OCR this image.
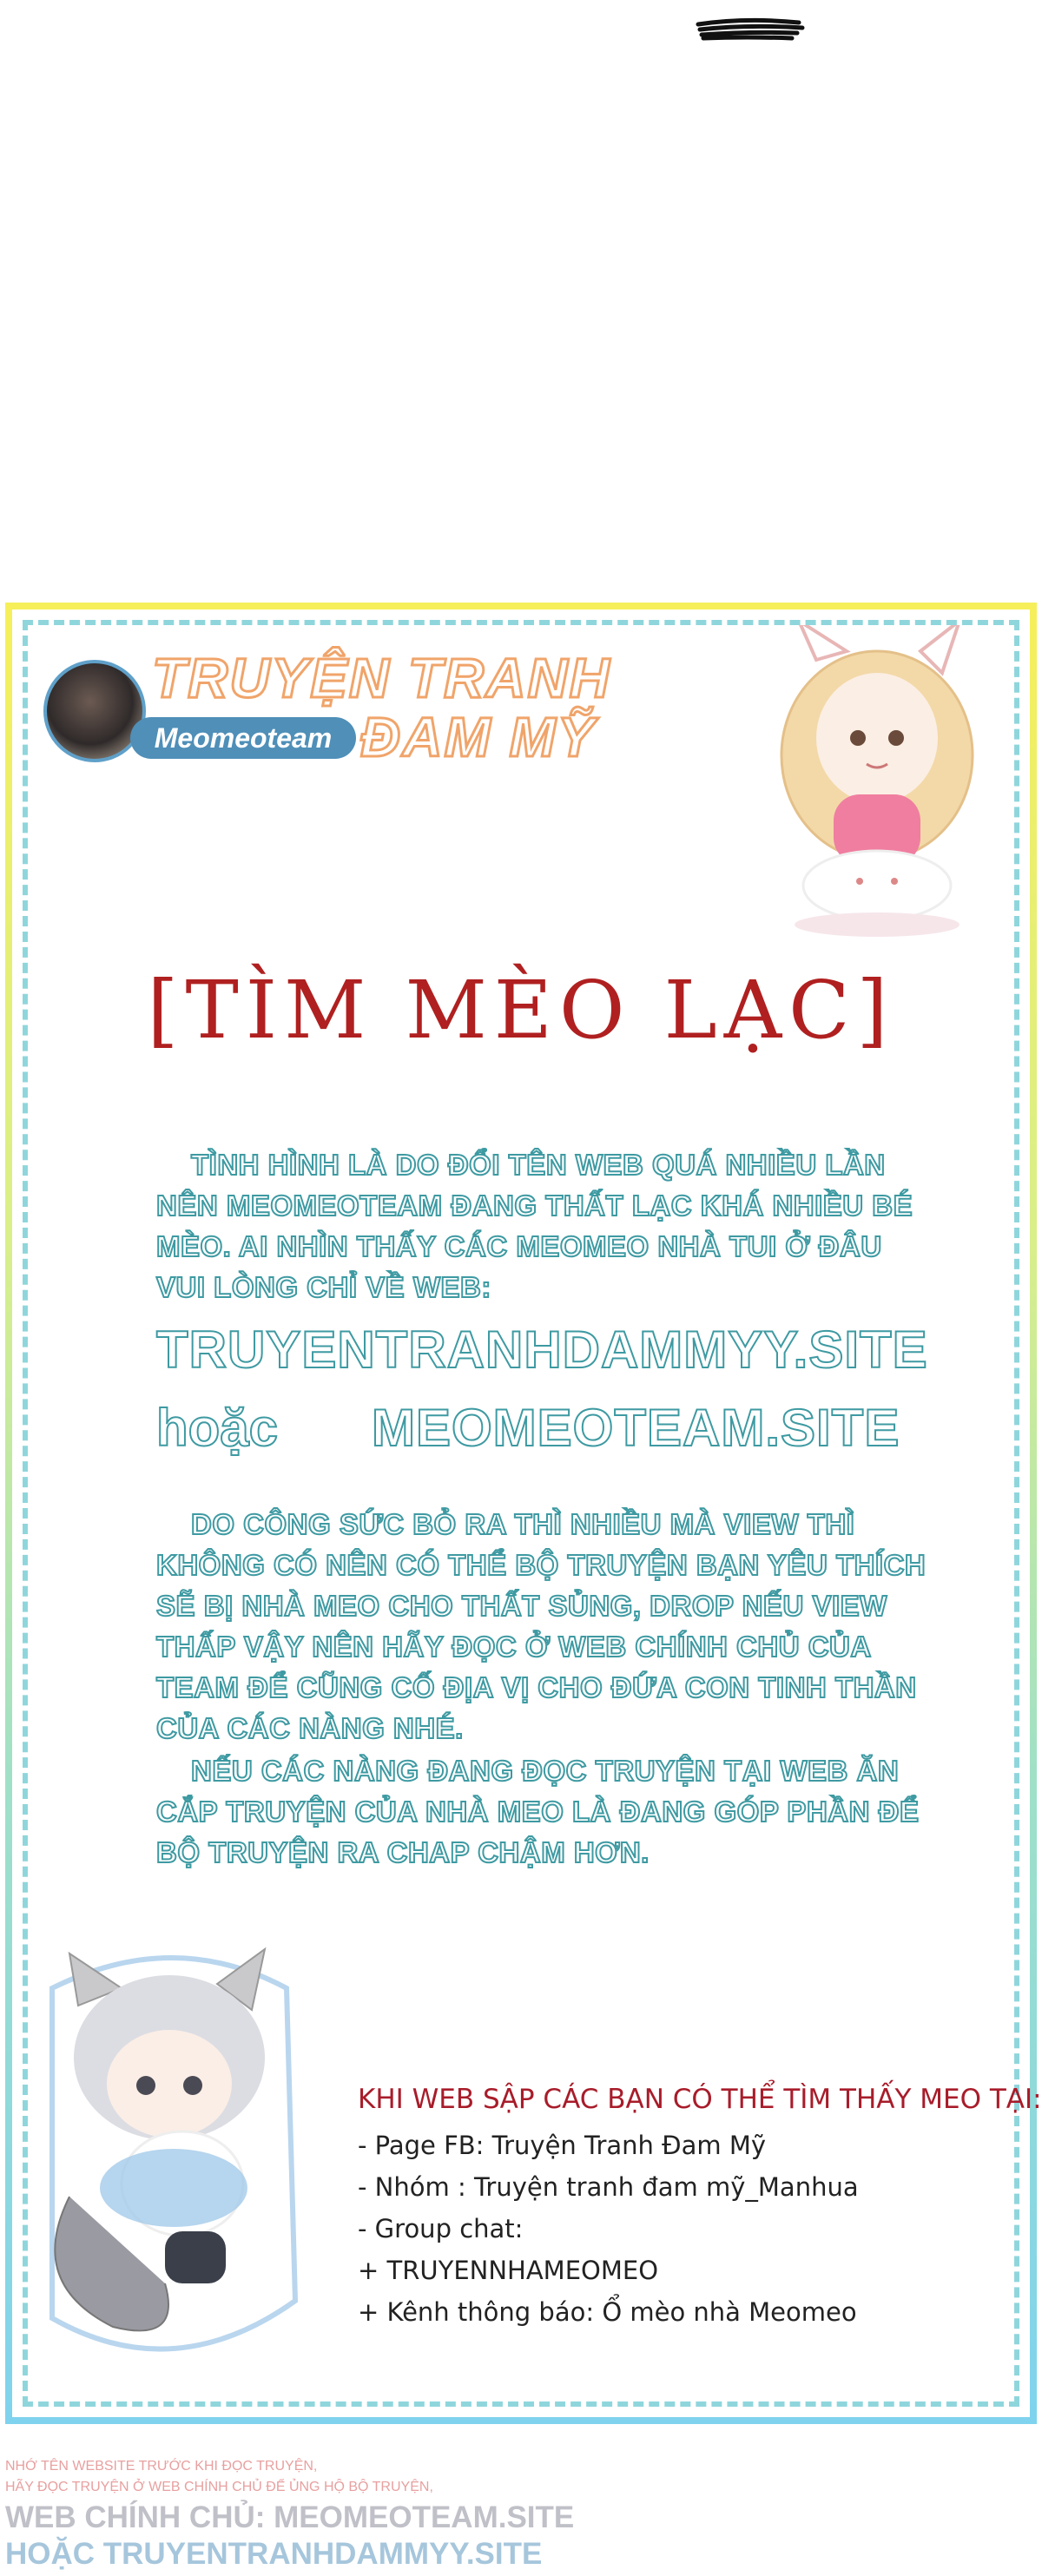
TRUYỆN TRANH
ĐAM MỸ
Meomeoteam
[TÌM MÈO LẠC]
TÌNH HÌNH LÀ DO ĐỔI TÊN WEB QUÁ NHIỀU LẦN NÊN MEOMEOTEAM ĐANG THẤT LẠC KHÁ NHIỀU BÉ MÈO. AI NHÌN THẤY CÁC MEOMEO NHÀ TUI Ở ĐÂU VUI LÒNG CHỈ VỀ WEB:
TRUYENTRANHDAMMYY.SITE
hoặc MEOMEOTEAM.SITE
DO CÔNG SỨC BỎ RA THÌ NHIỀU MÀ VIEW THÌ KHÔNG CÓ NÊN CÓ THỂ BỘ TRUYỆN BẠN YÊU THÍCH SẼ BỊ NHÀ MEO CHO THẤT SỦNG, DROP NẾU VIEW THẤP VẬY NÊN HÃY ĐỌC Ở WEB CHÍNH CHỦ CỦA TEAM ĐỂ CŨNG CỐ ĐỊA VỊ CHO ĐỨA CON TINH THẦN CỦA CÁC NÀNG NHÉ.
NẾU CÁC NÀNG ĐANG ĐỌC TRUYỆN TẠI WEB ĂN CẮP TRUYỆN CỦA NHÀ MEO LÀ ĐANG GÓP PHẦN ĐỂ BỘ TRUYỆN RA CHAP CHẬM HƠN.
KHI WEB SẬP CÁC BẠN CÓ THỂ TÌM THẤY MEO TẠI:
- Page FB: Truyện Tranh Đam Mỹ
- Nhóm : Truyện tranh đam mỹ_Manhua
- Group chat:
+ TRUYENNHAMEOMEO
+ Kênh thông báo: Ổ mèo nhà Meomeo
NHỚ TÊN WEBSITE TRƯỚC KHI ĐỌC TRUYỆN,
HÃY ĐỌC TRUYỆN Ở WEB CHÍNH CHỦ ĐỂ ỦNG HỘ BỘ TRUYỆN,
WEB CHÍNH CHỦ: MEOMEOTEAM.SITE
HOẶC TRUYENTRANHDAMMYY.SITE
